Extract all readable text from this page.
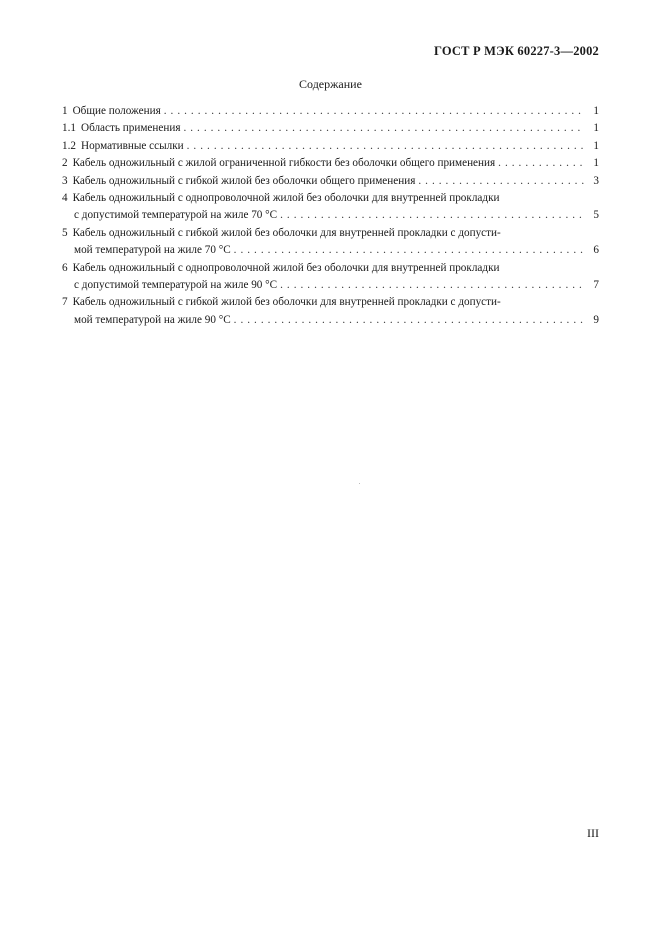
ГОСТ Р МЭК 60227-3—2002
Содержание
1 Общие положения . . .	1
1.1 Область применения . . .	1
1.2 Нормативные ссылки . . .	1
2 Кабель одножильный с жилой ограниченной гибкости без оболочки общего применения . . .	1
3 Кабель одножильный с гибкой жилой без оболочки общего применения . . .	3
4 Кабель одножильный с однопроволочной жилой без оболочки для внутренней прокладки
с допустимой температурой на жиле 70 °С . . .	5
5 Кабель одножильный с гибкой жилой без оболочки для внутренней прокладки с допусти-
мой температурой на жиле 70 °С . . .	6
6 Кабель одножильный с однопроволочной жилой без оболочки для внутренней прокладки
с допустимой температурой на жиле 90 °С . . .	7
7 Кабель одножильный с гибкой жилой без оболочки для внутренней прокладки с допусти-
мой температурой на жиле 90 °С . . .	9
III
